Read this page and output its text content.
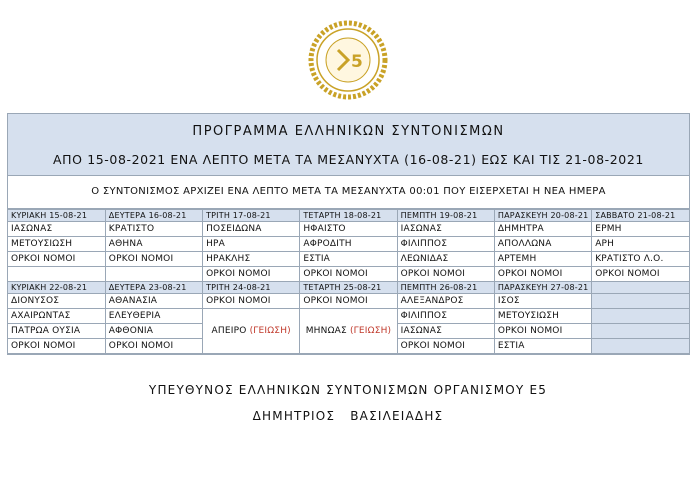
5
ΠΡΟΓΡΑΜΜΑ ΕΛΛΗΝΙΚΩΝ ΣΥΝΤΟΝΙΣΜΩΝ
ΑΠΟ 15-08-2021 ΕΝΑ ΛΕΠΤΟ ΜΕΤΑ ΤΑ ΜΕΣΑΝΥΧΤΑ (16-08-21) ΕΩΣ ΚΑΙ ΤΙΣ 21-08-2021
Ο ΣΥΝΤΟΝΙΣΜΟΣ ΑΡΧΙΖΕΙ ΕΝΑ ΛΕΠΤΟ ΜΕΤΑ ΤΑ ΜΕΣΑΝΥΧΤΑ 00:01 ΠΟΥ ΕΙΣΕΡΧΕΤΑΙ Η ΝΕΑ ΗΜΕΡΑ
ΚΥΡΙΑΚΗ 15-08-21	ΔΕΥΤΕΡΑ 16-08-21	ΤΡΙΤΗ 17-08-21	ΤΕΤΑΡΤΗ 18-08-21	ΠΕΜΠΤΗ 19-08-21	ΠΑΡΑΣΚΕΥΗ 20-08-21	ΣΑΒΒΑΤΟ 21-08-21
ΙΑΣΩΝΑΣ	ΚΡΑΤΙΣΤΟ	ΠΟΣΕΙΔΩΝΑ	ΗΦΑΙΣΤΟ	ΙΑΣΩΝΑΣ	ΔΗΜΗΤΡΑ	ΕΡΜΗ
ΜΕΤΟΥΣΙΩΣΗ	ΑΘΗΝΑ	ΗΡΑ	ΑΦΡΟΔΙΤΗ	ΦΙΛΙΠΠΟΣ	ΑΠΟΛΛΩΝΑ	ΑΡΗ
ΟΡΚΟΙ ΝΟΜΟΙ	ΟΡΚΟΙ ΝΟΜΟΙ	ΗΡΑΚΛΗΣ	ΕΣΤΙΑ	ΛΕΩΝΙΔΑΣ	ΑΡΤΕΜΗ	ΚΡΑΤΙΣΤΟ Λ.Ο.
		ΟΡΚΟΙ ΝΟΜΟΙ	ΟΡΚΟΙ ΝΟΜΟΙ	ΟΡΚΟΙ ΝΟΜΟΙ	ΟΡΚΟΙ ΝΟΜΟΙ	ΟΡΚΟΙ ΝΟΜΟΙ
ΚΥΡΙΑΚΗ 22-08-21	ΔΕΥΤΕΡΑ 23-08-21	ΤΡΙΤΗ 24-08-21	ΤΕΤΑΡΤΗ 25-08-21	ΠΕΜΠΤΗ 26-08-21	ΠΑΡΑΣΚΕΥΗ 27-08-21	
ΔΙΟΝΥΣΟΣ	ΑΘΑΝΑΣΙΑ	ΟΡΚΟΙ ΝΟΜΟΙ	ΟΡΚΟΙ ΝΟΜΟΙ	ΑΛΕΞΑΝΔΡΟΣ	ΙΣΟΣ	
ΑΧΑΙΡΩΝΤΑΣ	ΕΛΕΥΘΕΡΙΑ	ΑΠΕΙΡΟ (ΓΕΙΩΣΗ)	ΜΗΝΩΑΣ (ΓΕΙΩΣΗ)	ΦΙΛΙΠΠΟΣ	ΜΕΤΟΥΣΙΩΣΗ	
ΠΑΤΡΩΑ ΟΥΣΙΑ	ΑΦΘΟΝΙΑ			ΙΑΣΩΝΑΣ	ΟΡΚΟΙ ΝΟΜΟΙ	
ΟΡΚΟΙ ΝΟΜΟΙ	ΟΡΚΟΙ ΝΟΜΟΙ			ΟΡΚΟΙ ΝΟΜΟΙ	ΕΣΤΙΑ	
ΥΠΕΥΘΥΝΟΣ ΕΛΛΗΝΙΚΩΝ ΣΥΝΤΟΝΙΣΜΩΝ ΟΡΓΑΝΙΣΜΟΥ Ε5
ΔΗΜΗΤΡΙΟΣ   ΒΑΣΙΛΕΙΑΔΗΣ
